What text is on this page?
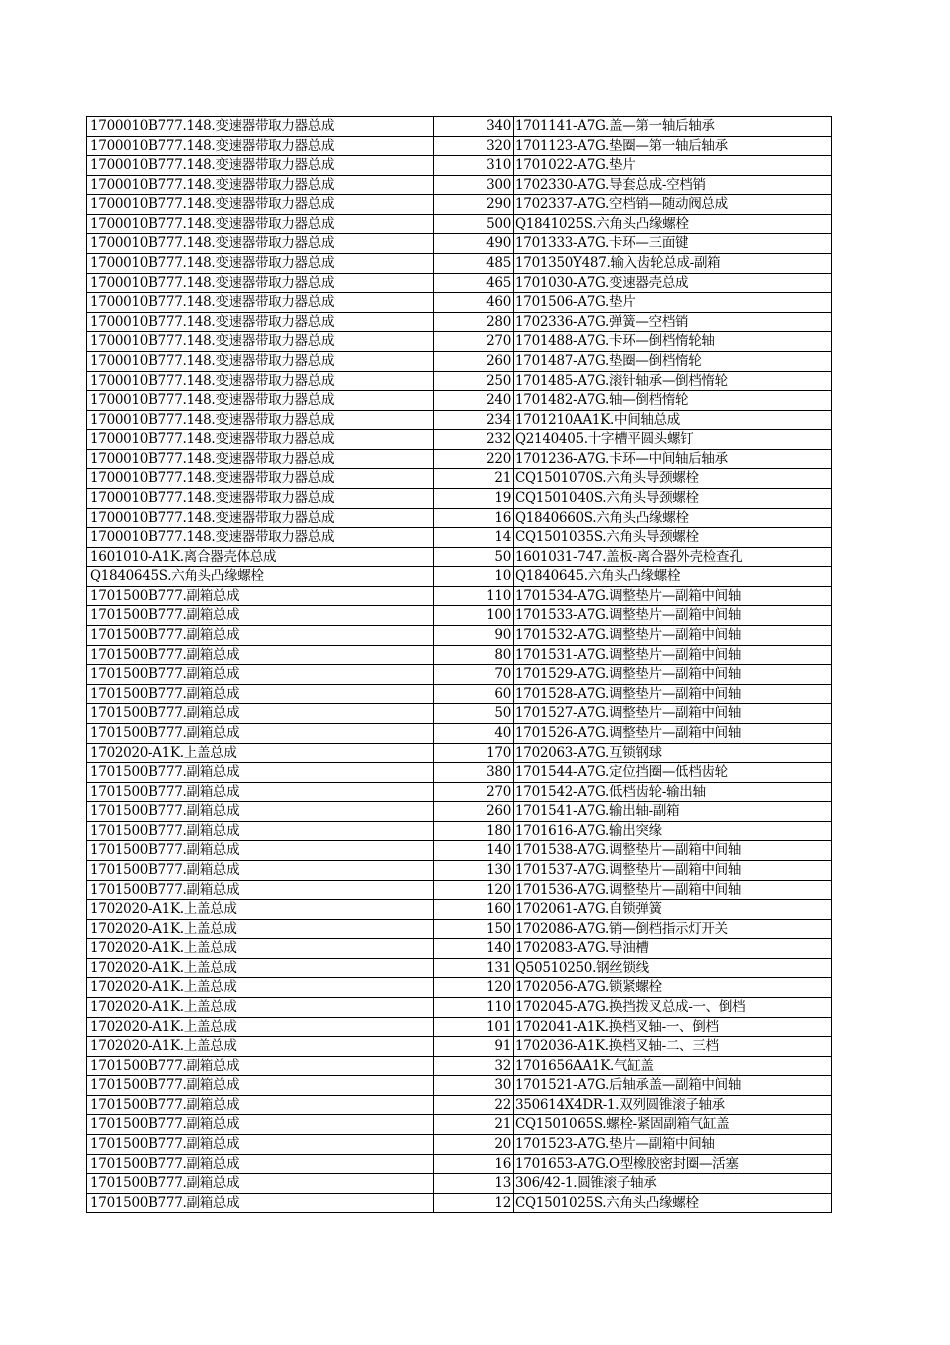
1700010B777.148.变速器带取力器总成	340 1701141-A7G.盖—第一轴后轴承
1700010B777.148.变速器带取力器总成	320 1701123-A7G.垫圈—第一轴后轴承
1700010B777.148.变速器带取力器总成	310 1701022-A7G.垫片
1700010B777.148.变速器带取力器总成	300 1702330-A7G.导套总成-空档销
1700010B777.148.变速器带取力器总成	290 1702337-A7G.空档销—随动阀总成
1700010B777.148.变速器带取力器总成	500 Q1841025S.六角头凸缘螺栓
1700010B777.148.变速器带取力器总成	490 1701333-A7G.卡环—三面键
1700010B777.148.变速器带取力器总成	485 1701350Y487.输入齿轮总成-副箱
1700010B777.148.变速器带取力器总成	465 1701030-A7G.变速器壳总成
1700010B777.148.变速器带取力器总成	460 1701506-A7G.垫片
1700010B777.148.变速器带取力器总成	280 1702336-A7G.弹簧—空档销
1700010B777.148.变速器带取力器总成	270 1701488-A7G.卡环—倒档惰轮轴
1700010B777.148.变速器带取力器总成	260 1701487-A7G.垫圈—倒档惰轮
1700010B777.148.变速器带取力器总成	250 1701485-A7G.滚针轴承—倒档惰轮
1700010B777.148.变速器带取力器总成	240 1701482-A7G.轴—倒档惰轮
1700010B777.148.变速器带取力器总成	234 1701210AA1K.中间轴总成
1700010B777.148.变速器带取力器总成	232 Q2140405.十字槽平圆头螺钉
1700010B777.148.变速器带取力器总成	220 1701236-A7G.卡环—中间轴后轴承
1700010B777.148.变速器带取力器总成	21 CQ1501070S.六角头导颈螺栓
1700010B777.148.变速器带取力器总成	19 CQ1501040S.六角头导颈螺栓
1700010B777.148.变速器带取力器总成	16 Q1840660S.六角头凸缘螺栓
1700010B777.148.变速器带取力器总成	14 CQ1501035S.六角头导颈螺栓
1601010-A1K.离合器壳体总成	50 1601031-747.盖板-离合器外壳检查孔
Q1840645S.六角头凸缘螺栓	10 Q1840645.六角头凸缘螺栓
1701500B777.副箱总成	110 1701534-A7G.调整垫片—副箱中间轴
1701500B777.副箱总成	100 1701533-A7G.调整垫片—副箱中间轴
1701500B777.副箱总成	90 1701532-A7G.调整垫片—副箱中间轴
1701500B777.副箱总成	80 1701531-A7G.调整垫片—副箱中间轴
1701500B777.副箱总成	70 1701529-A7G.调整垫片—副箱中间轴
1701500B777.副箱总成	60 1701528-A7G.调整垫片—副箱中间轴
1701500B777.副箱总成	50 1701527-A7G.调整垫片—副箱中间轴
1701500B777.副箱总成	40 1701526-A7G.调整垫片—副箱中间轴
1702020-A1K.上盖总成	170 1702063-A7G.互锁钢球
1701500B777.副箱总成	380 1701544-A7G.定位挡圈—低档齿轮
1701500B777.副箱总成	270 1701542-A7G.低档齿轮-输出轴
1701500B777.副箱总成	260 1701541-A7G.输出轴-副箱
1701500B777.副箱总成	180 1701616-A7G.输出突缘
1701500B777.副箱总成	140 1701538-A7G.调整垫片—副箱中间轴
1701500B777.副箱总成	130 1701537-A7G.调整垫片—副箱中间轴
1701500B777.副箱总成	120 1701536-A7G.调整垫片—副箱中间轴
1702020-A1K.上盖总成	160 1702061-A7G.自锁弹簧
1702020-A1K.上盖总成	150 1702086-A7G.销—倒档指示灯开关
1702020-A1K.上盖总成	140 1702083-A7G.导油槽
1702020-A1K.上盖总成	131 Q50510250.钢丝锁线
1702020-A1K.上盖总成	120 1702056-A7G.锁紧螺栓
1702020-A1K.上盖总成	110 1702045-A7G.换挡拨叉总成-一、倒档
1702020-A1K.上盖总成	101 1702041-A1K.换档叉轴-一、倒档
1702020-A1K.上盖总成	91 1702036-A1K.换档叉轴-二、三档
1701500B777.副箱总成	32 1701656AA1K.气缸盖
1701500B777.副箱总成	30 1701521-A7G.后轴承盖—副箱中间轴
1701500B777.副箱总成	22 350614X4DR-1.双列圆锥滚子轴承
1701500B777.副箱总成	21 CQ1501065S.螺栓-紧固副箱气缸盖
1701500B777.副箱总成	20 1701523-A7G.垫片—副箱中间轴
1701500B777.副箱总成	16 1701653-A7G.O型橡胶密封圈—活塞
1701500B777.副箱总成	13 306/42-1.圆锥滚子轴承
1701500B777.副箱总成	12 CQ1501025S.六角头凸缘螺栓
